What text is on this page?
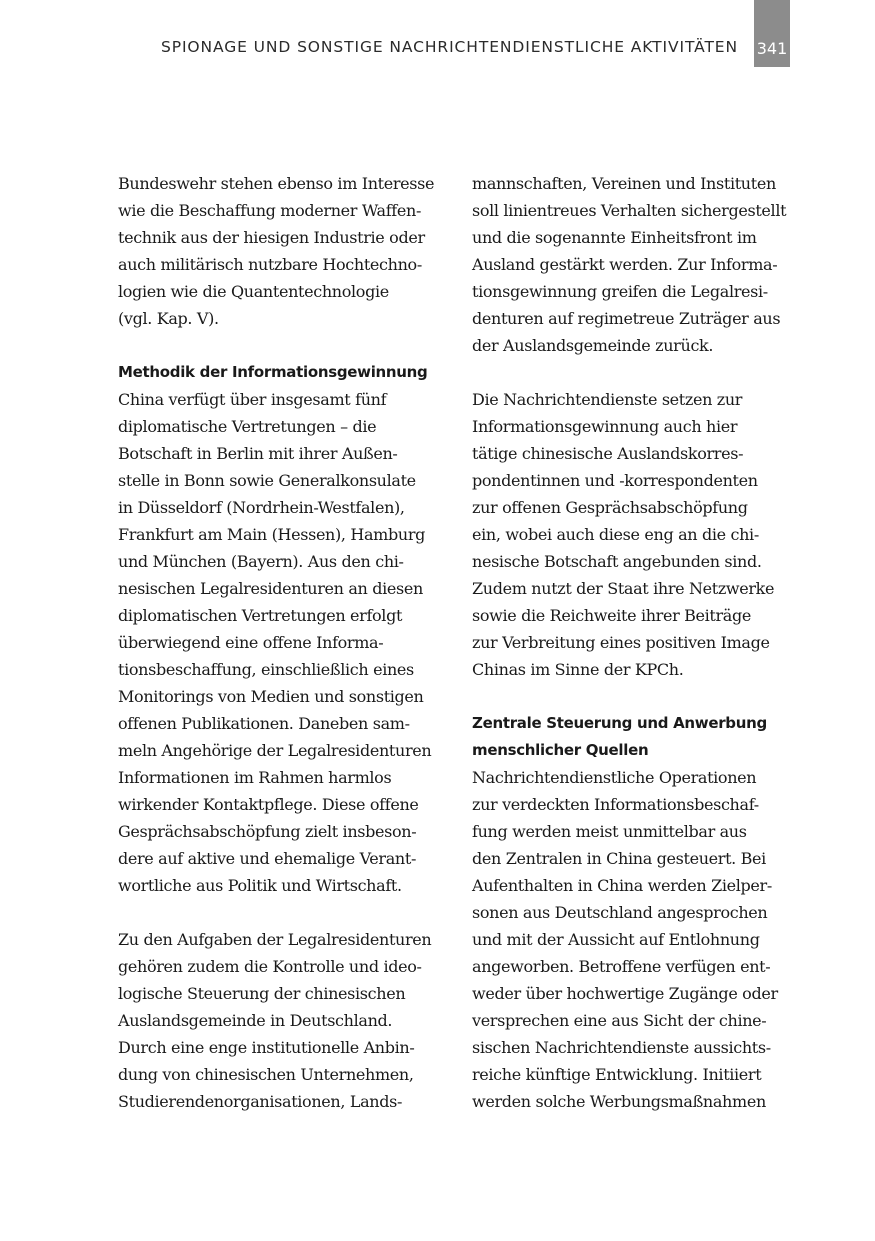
SPIONAGE UND SONSTIGE NACHRICHTENDIENSTLICHE AKTIVITÄTEN 341
Bundeswehr stehen ebenso im Interesse
wie die Beschaffung moderner Waffen-
technik aus der hiesigen Industrie oder
auch militärisch nutzbare Hochtechno-
logien wie die Quantentechnologie
(vgl. Kap. V).
Methodik der Informationsgewinnung
China verfügt über insgesamt fünf
diplomatische Vertretungen – die
Botschaft in Berlin mit ihrer Außen-
stelle in Bonn sowie Generalkonsulate
in Düsseldorf (Nordrhein-Westfalen),
Frankfurt am Main (Hessen), Hamburg
und München (Bayern). Aus den chi-
nesischen Legalresidenturen an diesen
diplomatischen Vertretungen erfolgt
überwiegend eine offene Informa-
tionsbeschaffung, einschließlich eines
Monitorings von Medien und sonstigen
offenen Publikationen. Daneben sam-
meln Angehörige der Legalresidenturen
Informationen im Rahmen harmlos
wirkender Kontaktpflege. Diese offene
Gesprächsabschöpfung zielt insbeson-
dere auf aktive und ehemalige Verant-
wortliche aus Politik und Wirtschaft.
Zu den Aufgaben der Legalresidenturen
gehören zudem die Kontrolle und ideo-
logische Steuerung der chinesischen
Auslandsgemeinde in Deutschland.
Durch eine enge institutionelle Anbin-
dung von chinesischen Unternehmen,
Studierendenorganisationen, Lands-
mannschaften, Vereinen und Instituten
soll linientreues Verhalten sichergestellt
und die sogenannte Einheitsfront im
Ausland gestärkt werden. Zur Informa-
tionsgewinnung greifen die Legalresi-
denturen auf regimetreue Zuträger aus
der Auslandsgemeinde zurück.
Die Nachrichtendienste setzen zur
Informationsgewinnung auch hier
tätige chinesische Auslandskorres-
pondentinnen und -korrespondenten
zur offenen Gesprächsabschöpfung
ein, wobei auch diese eng an die chi-
nesische Botschaft angebunden sind.
Zudem nutzt der Staat ihre Netzwerke
sowie die Reichweite ihrer Beiträge
zur Verbreitung eines positiven Image
Chinas im Sinne der KPCh.
Zentrale Steuerung und Anwerbung
menschlicher Quellen
Nachrichtendienstliche Operationen
zur verdeckten Informationsbeschaf-
fung werden meist unmittelbar aus
den Zentralen in China gesteuert. Bei
Aufenthalten in China werden Zielper-
sonen aus Deutschland angesprochen
und mit der Aussicht auf Entlohnung
angeworben. Betroffene verfügen ent-
weder über hochwertige Zugänge oder
versprechen eine aus Sicht der chine-
sischen Nachrichtendienste aussichts-
reiche künftige Entwicklung. Initiiert
werden solche Werbungsmaßnahmen
